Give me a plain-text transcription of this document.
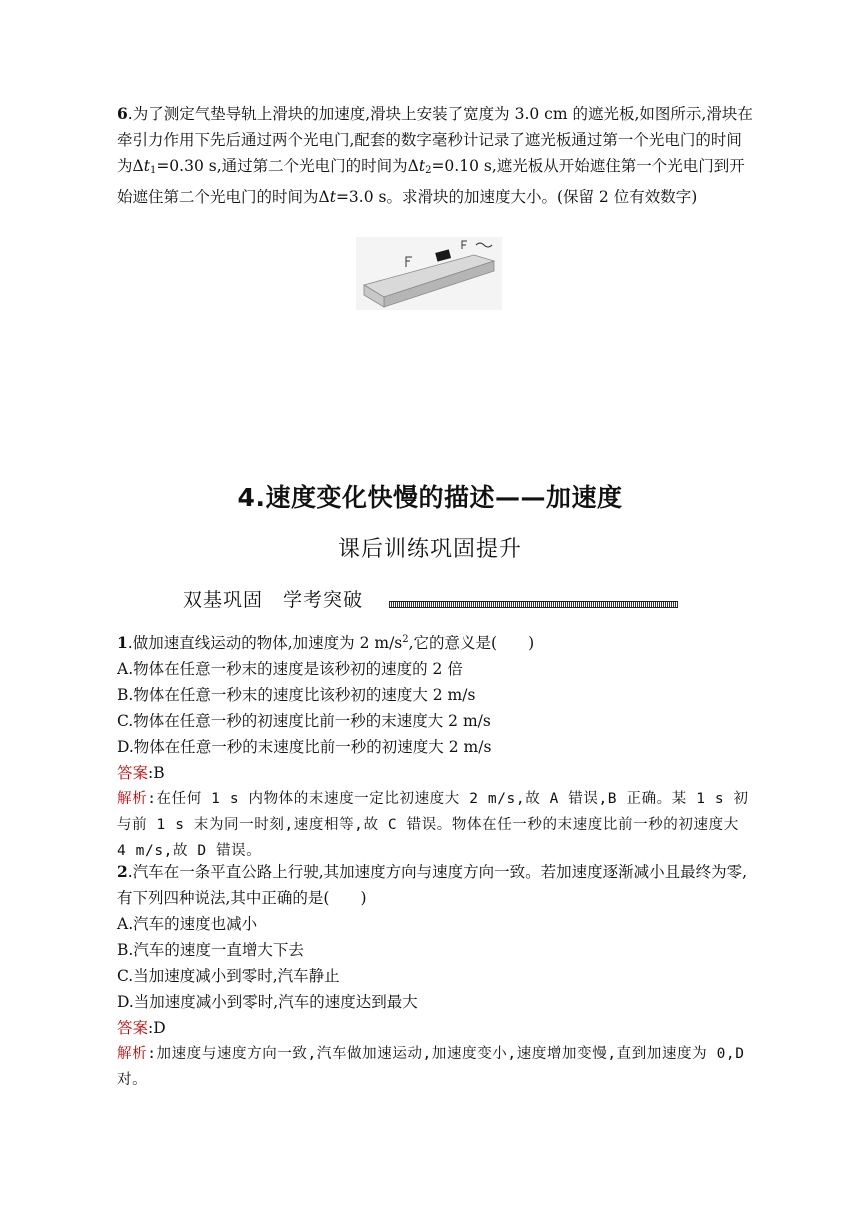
6.为了测定气垫导轨上滑块的加速度,滑块上安装了宽度为 3.0 cm 的遮光板,如图所示,滑块在牵引力作用下先后通过两个光电门,配套的数字毫秒计记录了遮光板通过第一个光电门的时间为$\Delta t_1=0.30$ s,通过第二个光电门的时间为$\Delta t_2=0.10$ s,遮光板从开始遮住第一个光电门到开始遮住第二个光电门的时间为Δt=3.0 s。求滑块的加速度大小。(保留 2 位有效数字)

4.速度变化快慢的描述——加速度
课后训练巩固提升
双基巩固　学考突破

1.做加速直线运动的物体,加速度为 2 $m/s^2$,它的意义是(　　)

A.物体在任意一秒末的速度是该秒初的速度的 2 倍

B.物体在任意一秒末的速度比该秒初的速度大 2 m/s

C.物体在任意一秒的初速度比前一秒的末速度大 2 m/s

D.物体在任意一秒的末速度比前一秒的初速度大 2 m/s

答案:B

解析:在任何 1 s 内物体的末速度一定比初速度大 2 m/s,故 A 错误,B 正确。某 1 s 初与前 1 s 末为同一时刻,速度相等,故 C 错误。物体在任一秒的末速度比前一秒的初速度大 4 m/s,故 D 错误。

2.汽车在一条平直公路上行驶,其加速度方向与速度方向一致。若加速度逐渐减小且最终为零,有下列四种说法,其中正确的是(　　)

A.汽车的速度也减小

B.汽车的速度一直增大下去

C.当加速度减小到零时,汽车静止

D.当加速度减小到零时,汽车的速度达到最大

答案:D

解析:加速度与速度方向一致,汽车做加速运动,加速度变小,速度增加变慢,直到加速度为 0,D 对。
